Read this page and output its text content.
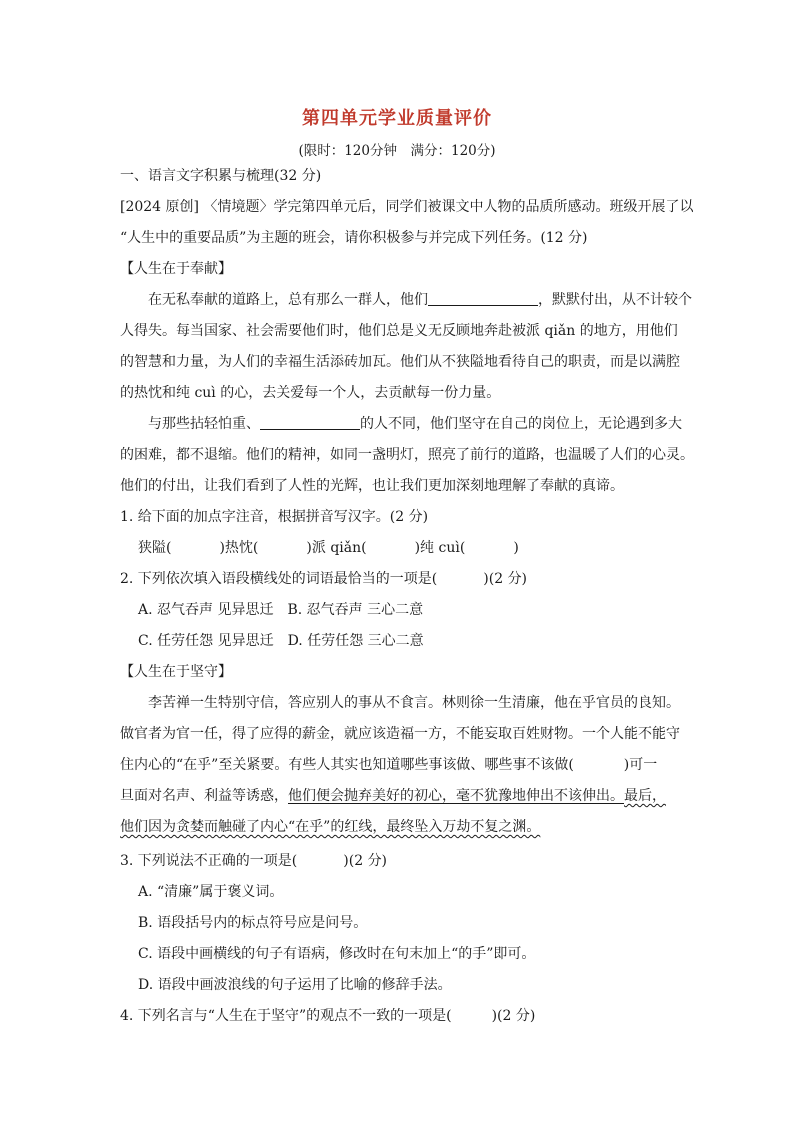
第四单元学业质量评价
(限时：120分钟　满分：120分)
一、语言文字积累与梳理(32 分)
[2024 原创] 〈情境题〉学完第四单元后，同学们被课文中人物的品质所感动。班级开展了以
“人生中的重要品质”为主题的班会，请你积极参与并完成下列任务。(12 分)
【人生在于奉献】
在无私奉献的道路上，总有那么一群人，他们	，默默付出，从不计较个
人得失。每当国家、社会需要他们时，他们总是义无反顾地奔赴被派 qiǎn 的地方，用他们
的智慧和力量，为人们的幸福生活添砖加瓦。他们从不狭隘地看待自己的职责，而是以满腔
的热忱和纯 cuì 的心，去关爱每一个人，去贡献每一份力量。
与那些拈轻怕重、	的人不同，他们坚守在自己的岗位上，无论遇到多大
的困难，都不退缩。他们的精神，如同一盏明灯，照亮了前行的道路，也温暖了人们的心灵。
他们的付出，让我们看到了人性的光辉，也让我们更加深刻地理解了奉献的真谛。
1. 给下面的加点字注音，根据拼音写汉字。(2 分)
狭隘(	)热忱(	)派 qiǎn(	)纯 cuì(	)
2. 下列依次填入语段横线处的词语最恰当的一项是(	)(2 分)
A. 忍气吞声 见异思迁　B. 忍气吞声 三心二意
C. 任劳任怨 见异思迁　D. 任劳任怨 三心二意
【人生在于坚守】
李苦禅一生特别守信，答应别人的事从不食言。林则徐一生清廉，他在乎官员的良知。
做官者为官一任，得了应得的薪金，就应该造福一方，不能妄取百姓财物。一个人能不能守
住内心的“在乎”至关紧要。有些人其实也知道哪些事该做、哪些事不该做(	)可一
旦面对名声、利益等诱惑，他们便会抛弃美好的初心，毫不犹豫地伸出不该伸出。最后，
他们因为贪婪而触碰了内心“在乎”的红线，最终坠入万劫不复之渊。
3. 下列说法不正确的一项是(	)(2 分)
A. “清廉”属于褒义词。
B. 语段括号内的标点符号应是问号。
C. 语段中画横线的句子有语病，修改时在句末加上“的手”即可。
D. 语段中画波浪线的句子运用了比喻的修辞手法。
4. 下列名言与“人生在于坚守”的观点不一致的一项是(	)(2 分)
